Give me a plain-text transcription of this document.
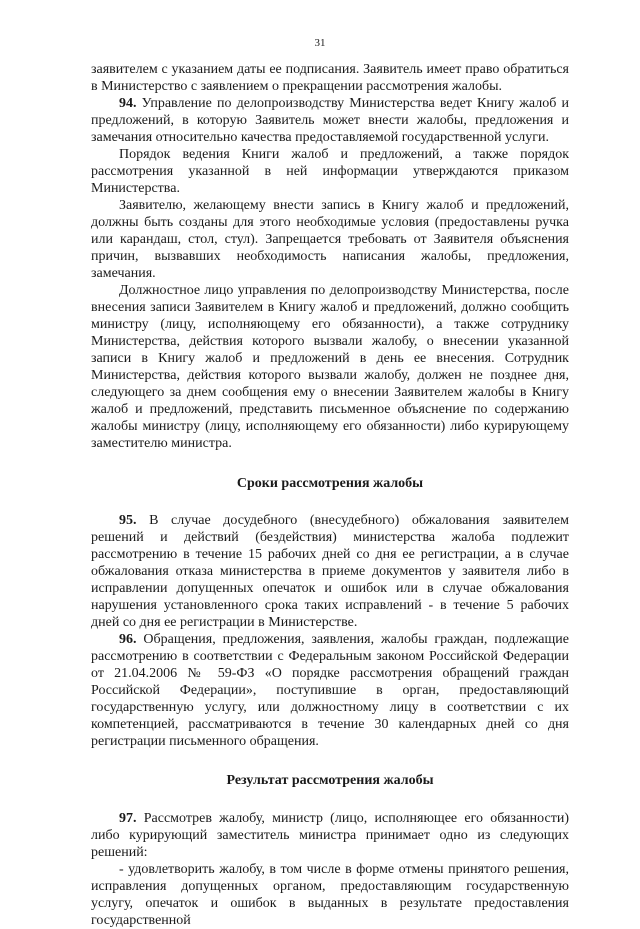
31

заявителем с указанием даты ее подписания. Заявитель имеет право обратиться в Министерство с заявлением о прекращении рассмотрения жалобы.

94. Управление по делопроизводству Министерства ведет Книгу жалоб и предложений, в которую Заявитель может внести жалобы, предложения и замечания относительно качества предоставляемой государственной услуги.

Порядок ведения Книги жалоб и предложений, а также порядок рассмотрения указанной в ней информации утверждаются приказом Министерства.

Заявителю, желающему внести запись в Книгу жалоб и предложений, должны быть созданы для этого необходимые условия (предоставлены ручка или карандаш, стол, стул). Запрещается требовать от Заявителя объяснения причин, вызвавших необходимость написания жалобы, предложения, замечания.

Должностное лицо управления по делопроизводству Министерства, после внесения записи Заявителем в Книгу жалоб и предложений, должно сообщить министру (лицу, исполняющему его обязанности), а также сотруднику Министерства, действия которого вызвали жалобу, о внесении указанной записи в Книгу жалоб и предложений в день ее внесения. Сотрудник Министерства, действия которого вызвали жалобу, должен не позднее дня, следующего за днем сообщения ему о внесении Заявителем жалобы в Книгу жалоб и предложений, представить письменное объяснение по содержанию жалобы министру (лицу, исполняющему его обязанности) либо курирующему заместителю министра.

Сроки рассмотрения жалобы

95. В случае досудебного (внесудебного) обжалования заявителем решений и действий (бездействия) министерства жалоба подлежит рассмотрению в течение 15 рабочих дней со дня ее регистрации, а в случае обжалования отказа министерства в приеме документов у заявителя либо в исправлении допущенных опечаток и ошибок или в случае обжалования нарушения установленного срока таких исправлений - в течение 5 рабочих дней со дня ее регистрации в Министерстве.

96. Обращения, предложения, заявления, жалобы граждан, подлежащие рассмотрению в соответствии с Федеральным законом Российской Федерации от 21.04.2006 № 59-ФЗ «О порядке рассмотрения обращений граждан Российской Федерации», поступившие в орган, предоставляющий государственную услугу, или должностному лицу в соответствии с их компетенцией, рассматриваются в течение 30 календарных дней со дня регистрации письменного обращения.

Результат рассмотрения жалобы

97. Рассмотрев жалобу, министр (лицо, исполняющее его обязанности) либо курирующий заместитель министра принимает одно из следующих решений:

- удовлетворить жалобу, в том числе в форме отмены принятого решения, исправления допущенных органом, предоставляющим государственную услугу, опечаток и ошибок в выданных в результате предоставления государственной
